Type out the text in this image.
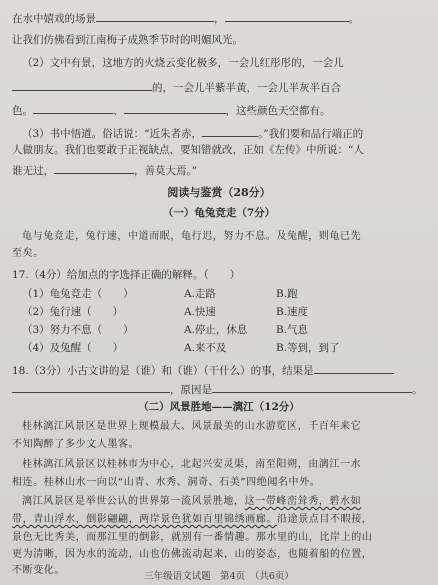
在水中嬉戏的场景	，	。
让我们仿佛看到江南梅子成熟季节时的明媚风光。
（2）文中有景，这地方的火烧云变化极多，一会儿红彤彤的，一会儿
的，一会儿半紫半黄，一会儿半灰半百合
色。	、	，这些颜色天空都有。
（3）书中悟道。俗话说：“近朱者赤，	。”我们要和品行端正的
人做朋友。我们也要敢于正视缺点，要知错就改，正如《左传》中所说：“人
谁无过，	，善莫大焉。”
阅读与鉴赏（28分）
（一）龟兔竞走（7分）
龟与兔竞走，兔行速，中道而眠，龟行迟，努力不息。及兔醒，则龟已先
至矣。
17.（4分）给加点的字选择正确的解释。（　　）
（1）龟兔竞走（　　）	A.走路	B.跑
（2）兔行速（　　）	A.快速	B.速度
（3）努力不息（　　）	A.停止，休息	B.气息
（4）及兔醒（　　）	A.来不及	B.等到，到了
18.（3分）小古文讲的是（谁）和（谁）（干什么）的事，结果是
，原因是	。
（二）风景胜地——漓江（12分）
桂林漓江风景区是世界上规模最大、风景最美的山水游览区，千百年来它
不知陶醉了多少文人墨客。
桂林漓江风景区以桂林市为中心，北起兴安灵渠，南至阳朔，由漓江一水
相连。桂林山水一向以“山青、水秀、洞奇、石美”四绝闻名中外。
漓江风景区是举世公认的世界第一流风景胜地，这一带峰峦耸秀，碧水如
带，青山浮水，倒影翩翩，两岸景色犹如百里锦绣画廊。沿途景点目不暇接，
景色无比秀美，而那江里的倒影，就别有一番情趣。那水里的山，比岸上的山
更为清晰，因为水的流动，山也仿佛流动起来，山的姿态，也随着船的位置，
不断变化。
三年级语文试题　第4页　（共6页）
